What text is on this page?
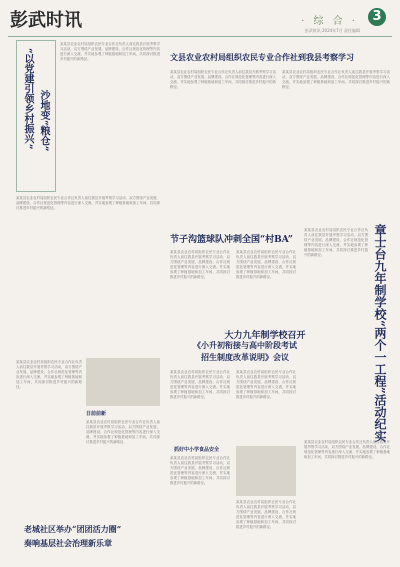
彭武时讯	· 综 合 ·	3
彭武时讯 2024年7月 责任编辑
文县农业农村局组织农民专业合作社到我县考察学习
某某县农业农村局组织农民专业合作社负责人前往我县开展考察学习活动，双方围绕产业发展、品牌建设、合作社规范化管理等内容进行深入交流，并实地参观了种植基地和加工车间，共同探讨推进乡村振兴的新路径。
某某县农业农村局组织农民专业合作社负责人前往我县开展考察学习活动，双方围绕产业发展、品牌建设、合作社规范化管理等内容进行深入交流，并实地参观了种植基地和加工车间，共同探讨推进乡村振兴的新路径。
“以党建引领乡村振兴” 沙地变“粮仓”
某某县农业农村局组织农民专业合作社负责人前往我县开展考察学习活动，双方围绕产业发展、品牌建设、合作社规范化管理等内容进行深入交流，并实地参观了种植基地和加工车间，共同探讨推进乡村振兴的新路径。
某某县农业农村局组织农民专业合作社负责人前往我县开展考察学习活动，双方围绕产业发展、品牌建设、合作社规范化管理等内容进行深入交流，并实地参观了种植基地和加工车间，共同探讨推进乡村振兴的新路径。
节子沟篮球队冲刺全国“村BA”
某某县农业农村局组织农民专业合作社负责人前往我县开展考察学习活动，双方围绕产业发展、品牌建设、合作社规范化管理等内容进行深入交流，并实地参观了种植基地和加工车间，共同探讨推进乡村振兴的新路径。
某某县农业农村局组织农民专业合作社负责人前往我县开展考察学习活动，双方围绕产业发展、品牌建设、合作社规范化管理等内容进行深入交流，并实地参观了种植基地和加工车间，共同探讨推进乡村振兴的新路径。
大力九年制学校召开
《小升初衔接与高中阶段考试
招生制度改革说明》会议
某某县农业农村局组织农民专业合作社负责人前往我县开展考察学习活动，双方围绕产业发展、品牌建设、合作社规范化管理等内容进行深入交流，并实地参观了种植基地和加工车间，共同探讨推进乡村振兴的新路径。
某某县农业农村局组织农民专业合作社负责人前往我县开展考察学习活动，双方围绕产业发展、品牌建设、合作社规范化管理等内容进行深入交流，并实地参观了种植基地和加工车间，共同探讨推进乡村振兴的新路径。	章士台九年制学校“两个一工程”活动纪实
某某县农业农村局组织农民专业合作社负责人前往我县开展考察学习活动，双方围绕产业发展、品牌建设、合作社规范化管理等内容进行深入交流，并实地参观了种植基地和加工车间，共同探讨推进乡村振兴的新路径。
某某县农业农村局组织农民专业合作社负责人前往我县开展考察学习活动，双方围绕产业发展、品牌建设、合作社规范化管理等内容进行深入交流，并实地参观了种植基地和加工车间，共同探讨推进乡村振兴的新路径。
日前前新
某某县农业农村局组织农民专业合作社负责人前往我县开展考察学习活动，双方围绕产业发展、品牌建设、合作社规范化管理等内容进行深入交流，并实地参观了种植基地和加工车间，共同探讨推进乡村振兴的新路径。
某某县农业农村局组织农民专业合作社负责人前往我县开展考察学习活动，双方围绕产业发展、品牌建设、合作社规范化管理等内容进行深入交流，并实地参观了种植基地和加工车间，共同探讨推进乡村振兴的新路径。
老城社区举办“团团活力圈”
奏响基层社会治理新乐章
抓好中小学食品安全
某某县农业农村局组织农民专业合作社负责人前往我县开展考察学习活动，双方围绕产业发展、品牌建设、合作社规范化管理等内容进行深入交流，并实地参观了种植基地和加工车间，共同探讨推进乡村振兴的新路径。
某某县农业农村局组织农民专业合作社负责人前往我县开展考察学习活动，双方围绕产业发展、品牌建设、合作社规范化管理等内容进行深入交流，并实地参观了种植基地和加工车间，共同探讨推进乡村振兴的新路径。
